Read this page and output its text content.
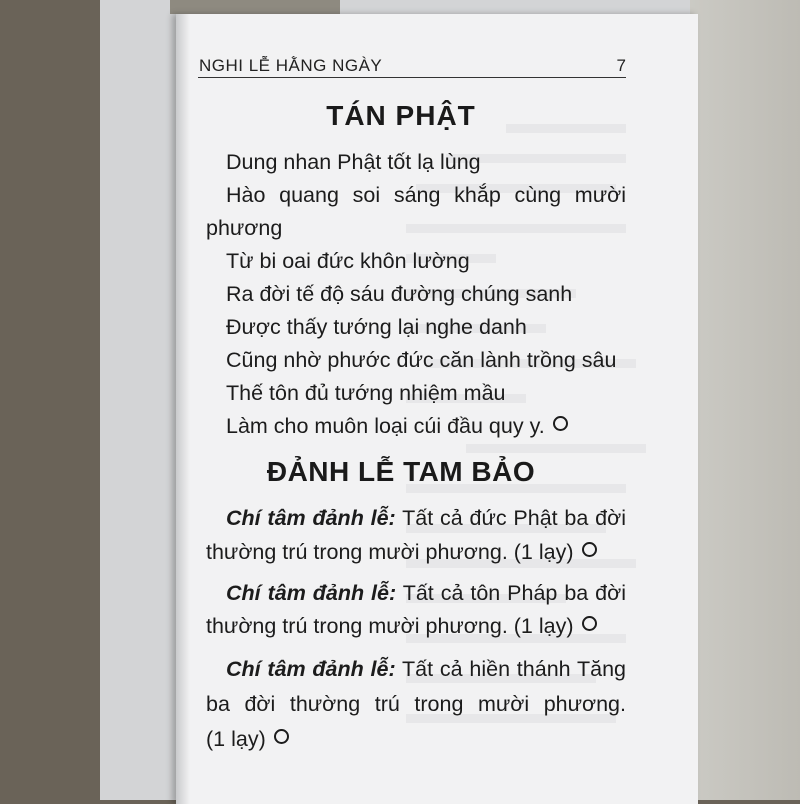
NGHI LỄ HẰNG NGÀY	7
TÁN PHẬT
Dung nhan Phật tốt lạ lùng
Hào quang soi sáng khắp cùng mười
phương
Từ bi oai đức khôn lường
Ra đời tế độ sáu đường chúng sanh
Được thấy tướng lại nghe danh
Cũng nhờ phước đức căn lành trồng sâu
Thế tôn đủ tướng nhiệm mầu
Làm cho muôn loại cúi đầu quy y.
ĐẢNH LỄ TAM BẢO
Chí tâm đảnh lễ: Tất cả đức Phật ba đời
thường trú trong mười phương. (1 lạy)
Chí tâm đảnh lễ: Tất cả tôn Pháp ba đời
thường trú trong mười phương. (1 lạy)
Chí tâm đảnh lễ: Tất cả hiền thánh Tăng
ba đời thường trú trong mười phương.
(1 lạy)
